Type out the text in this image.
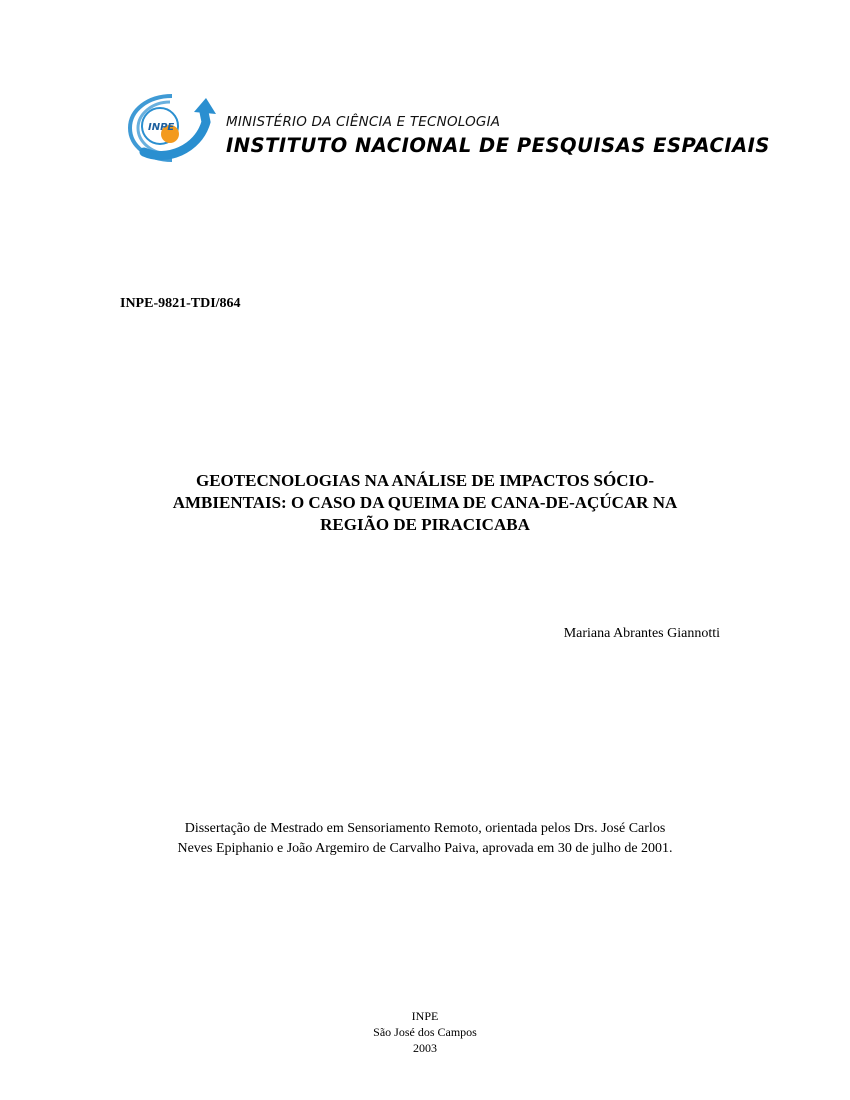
INPE	MINISTÉRIO DA CIÊNCIA E TECNOLOGIA
INSTITUTO NACIONAL DE PESQUISAS ESPACIAIS
INPE-9821-TDI/864
GEOTECNOLOGIAS NA ANÁLISE DE IMPACTOS SÓCIO-
AMBIENTAIS: O CASO DA QUEIMA DE CANA-DE-AÇÚCAR NA
REGIÃO DE PIRACICABA
Mariana Abrantes Giannotti
Dissertação de Mestrado em Sensoriamento Remoto, orientada pelos Drs. José Carlos
Neves Epiphanio e João Argemiro de Carvalho Paiva, aprovada em 30 de julho de 2001.
INPE
São José dos Campos
2003
